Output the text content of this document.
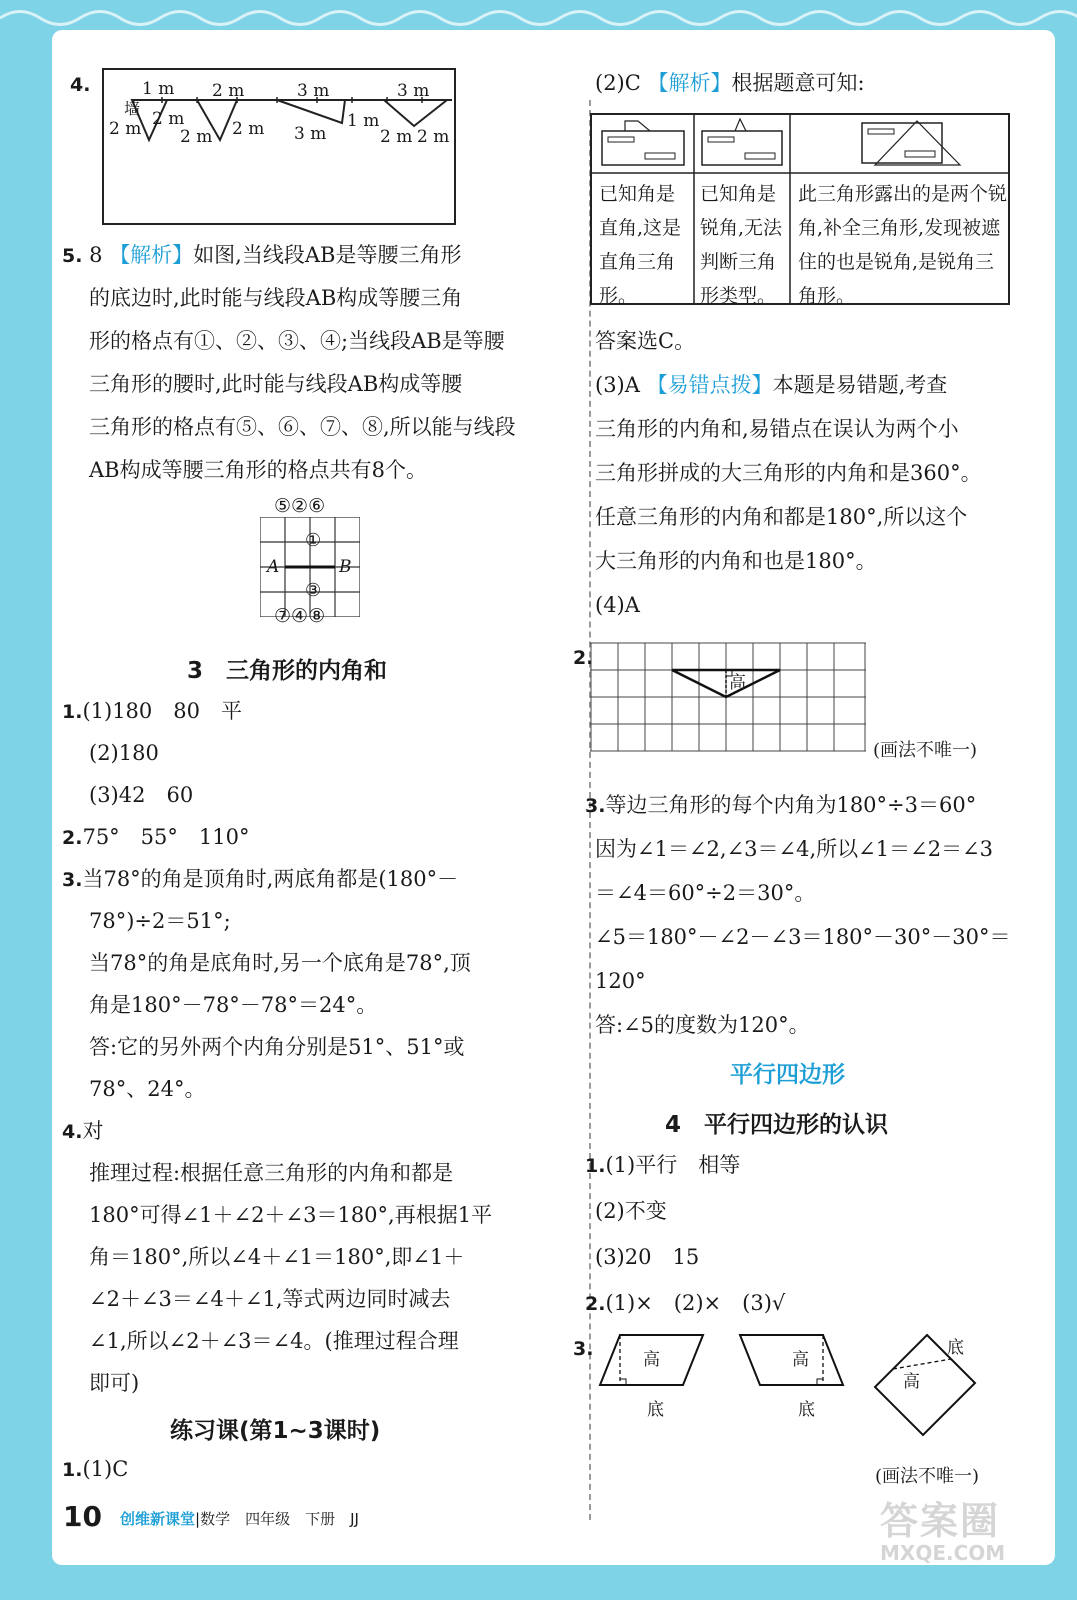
4.
墙
1 m 2 m	3 m	3 m
2 m 2 m
2 m 2 m 3 m
1 m
2 m 2 m
5. 8 【解析】如图,当线段AB是等腰三角形
的底边时,此时能与线段AB构成等腰三角
形的格点有①、②、③、④;当线段AB是等腰
三角形的腰时,此时能与线段AB构成等腰
三角形的格点有⑤、⑥、⑦、⑧,所以能与线段
AB构成等腰三角形的格点共有8个。
⑤②⑥
①
A	B
③
⑦④⑧
3　三角形的内角和
1.(1)180　80　平
(2)180
(3)42　60
2.75°　55°　110°
3.当78°的角是顶角时,两底角都是(180°－
78°)÷2＝51°;
当78°的角是底角时,另一个底角是78°,顶
角是180°－78°－78°＝24°。
答:它的另外两个内角分别是51°、51°或
78°、24°。
4.对
推理过程:根据任意三角形的内角和都是
180°可得∠1＋∠2＋∠3＝180°,再根据1平
角＝180°,所以∠4＋∠1＝180°,即∠1＋
∠2＋∠3＝∠4＋∠1,等式两边同时减去
∠1,所以∠2＋∠3＝∠4。(推理过程合理
即可)
练习课(第1~3课时)
1.(1)C
(2)C 【解析】根据题意可知:
已知角是直角,这是直角三角形。
已知角是锐角,无法判断三角形类型。
此三角形露出的是两个锐角,补全三角形,发现被遮住的也是锐角,是锐角三角形。
答案选C。
(3)A 【易错点拨】本题是易错题,考查
三角形的内角和,易错点在误认为两个小
三角形拼成的大三角形的内角和是360°。
任意三角形的内角和都是180°,所以这个
大三角形的内角和也是180°。
(4)A
2.
高
(画法不唯一)
3.等边三角形的每个内角为180°÷3＝60°
因为∠1＝∠2,∠3＝∠4,所以∠1＝∠2＝∠3
＝∠4＝60°÷2＝30°。
∠5＝180°－∠2－∠3＝180°－30°－30°＝
120°
答:∠5的度数为120°。
平行四边形
4　平行四边形的认识
1.(1)平行　相等
(2)不变
(3)20　15
2.(1)×　(2)×　(3)√
3.	高
底
高
底
高
底
(画法不唯一)
10 创维新课堂|数学　四年级　下册　JJ	答案圈
MXQE.COM
